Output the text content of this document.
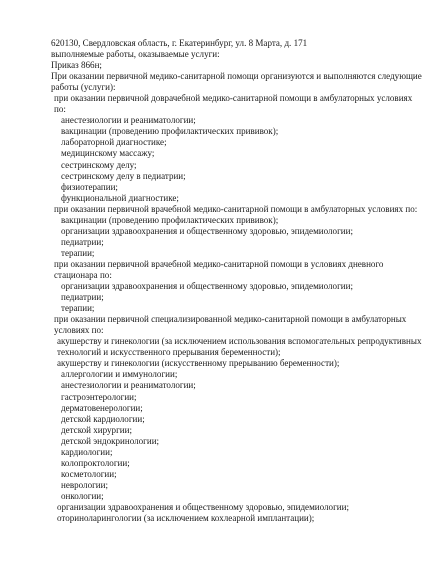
620130, Свердловская область, г. Екатеринбург, ул. 8 Марта, д. 171

выполняемые работы, оказываемые услуги:

Приказ 866н;

При оказании первичной медико-санитарной помощи организуются и выполняются следующие работы (услуги):

при оказании первичной доврачебной медико-санитарной помощи в амбулаторных условиях по:

анестезиологии и реаниматологии;

вакцинации (проведению профилактических прививок);

лабораторной диагностике;

медицинскому массажу;

сестринскому делу;

сестринскому делу в педиатрии;

физиотерапии;

функциональной диагностике;

при оказании первичной врачебной медико-санитарной помощи в амбулаторных условиях по:

вакцинации (проведению профилактических прививок);

организации здравоохранения и общественному здоровью, эпидемиологии;

педиатрии;

терапии;

при оказании первичной врачебной медико-санитарной помощи в условиях дневного стационара по:

организации здравоохранения и общественному здоровью, эпидемиологии;

педиатрии;

терапии;

при оказании первичной специализированной медико-санитарной помощи в амбулаторных условиях по:

акушерству и гинекологии (за исключением использования вспомогательных репродуктивных технологий и искусственного прерывания беременности);

акушерству и гинекологии (искусственному прерыванию беременности);

аллергологии и иммунологии;

анестезиологии и реаниматологии;

гастроэнтерологии;

дерматовенерологии;

детской кардиологии;

детской хирургии;

детской эндокринологии;

кардиологии;

колопроктологии;

косметологии;

неврологии;

онкологии;

организации здравоохранения и общественному здоровью, эпидемиологии;

оториноларингологии (за исключением кохлеарной имплантации);
